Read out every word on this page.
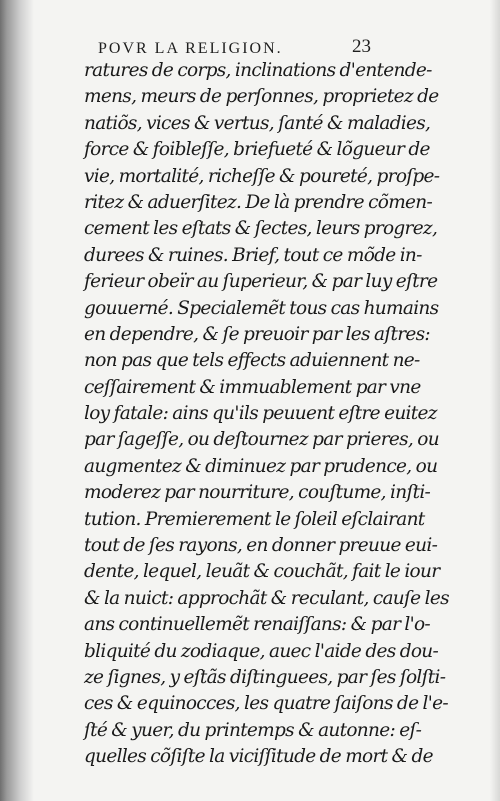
POVR LA RELIGION.	23
ratures de corps, inclinations d'entende-
mens, meurs de perſonnes, proprietez de
natiõs, vices & vertus, ſanté & maladies,
force & foibleſſe, briefueté & lõgueur de
vie, mortalité, richeſſe & poureté, proſpe-
ritez & aduerſitez. De là prendre cõmen-
cement les eſtats & ſectes, leurs progrez,
durees & ruines. Brief, tout ce mõde in-
ferieur obeïr au ſuperieur, & par luy eſtre
gouuerné. Specialemẽt tous cas humains
en dependre, & ſe preuoir par les aſtres:
non pas que tels effects aduiennent ne-
ceſſairement & immuablement par vne
loy fatale: ains qu'ils peuuent eſtre euitez
par ſageſſe, ou deſtournez par prieres, ou
augmentez & diminuez par prudence, ou
moderez par nourriture, couſtume, inſti-
tution. Premierement le ſoleil eſclairant
tout de ſes rayons, en donner preuue eui-
dente, lequel, leuãt & couchãt, fait le iour
& la nuict: approchãt & reculant, cauſe les
ans continuellemẽt renaiſſans: & par l'o-
bliquité du zodiaque, auec l'aide des dou-
ze ſignes, y eſtãs diſtinguees, par ſes ſolſti-
ces & equinocces, les quatre ſaiſons de l'e-
ſté & yuer, du printemps & autonne: eſ-
quelles cõſiſte la viciſſitude de mort & de
